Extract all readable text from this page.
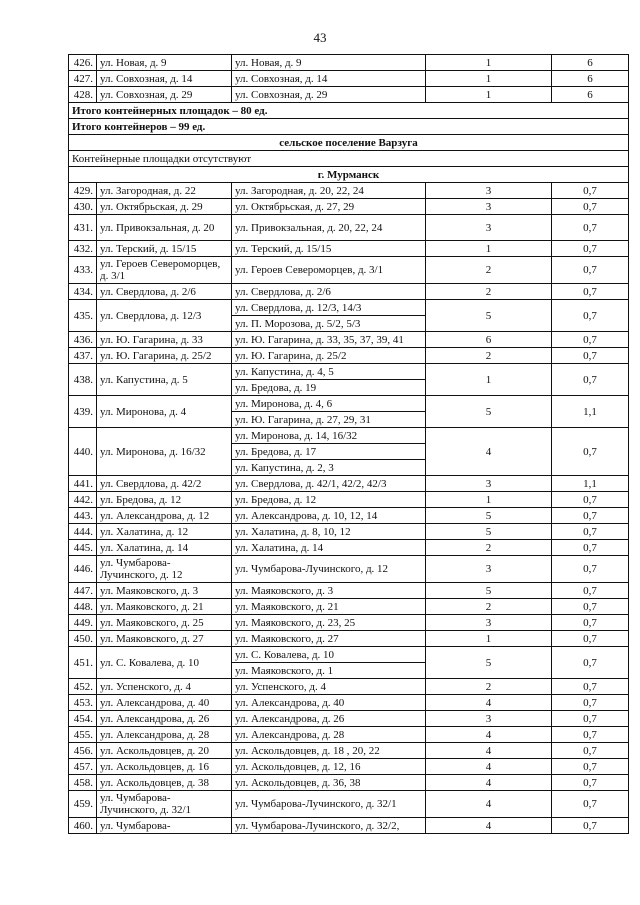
43
426.	ул. Новая, д. 9	ул. Новая, д. 9	1	6
427.	ул. Совхозная, д. 14	ул. Совхозная, д. 14	1	6
428.	ул. Совхозная, д. 29	ул. Совхозная, д. 29	1	6
Итого контейнерных площадок – 80 ед.				
Итого контейнеров – 99 ед.				
сельское поселение Варзуга				
Контейнерные площадки отсутствуют				
г. Мурманск				
429.	ул. Загородная, д. 22	ул. Загородная, д. 20, 22, 24	3	0,7
430.	ул. Октябрьская, д. 29	ул. Октябрьская, д. 27, 29	3	0,7
431.	ул. Привокзальная, д. 20	ул. Привокзальная, д. 20, 22, 24	3	0,7
432.	ул. Терский, д. 15/15	ул. Терский, д. 15/15	1	0,7
433.	ул. Героев Североморцев, д. 3/1	ул. Героев Североморцев, д. 3/1	2	0,7
434.	ул. Свердлова, д. 2/6	ул. Свердлова, д. 2/6	2	0,7
435.	ул. Свердлова, д. 12/3	ул. Свердлова, д. 12/3, 14/3	5	0,7
		ул. П. Морозова, д. 5/2, 5/3		
436.	ул. Ю. Гагарина, д. 33	ул. Ю. Гагарина, д. 33, 35, 37, 39, 41	6	0,7
437.	ул. Ю. Гагарина, д. 25/2	ул. Ю. Гагарина, д. 25/2	2	0,7
438.	ул. Капустина, д. 5	ул. Капустина, д. 4, 5	1	0,7
		ул. Бредова, д. 19		
439.	ул. Миронова, д. 4	ул. Миронова, д. 4, 6	5	1,1
		ул. Ю. Гагарина, д. 27, 29, 31		
440.	ул. Миронова, д. 16/32	ул. Миронова, д. 14, 16/32	4	0,7
		ул. Бредова, д. 17		
		ул. Капустина, д. 2, 3		
441.	ул. Свердлова, д. 42/2	ул. Свердлова, д. 42/1, 42/2, 42/3	3	1,1
442.	ул. Бредова, д. 12	ул. Бредова, д. 12	1	0,7
443.	ул. Александрова, д. 12	ул. Александрова, д. 10, 12, 14	5	0,7
444.	ул. Халатина, д. 12	ул. Халатина, д. 8, 10, 12	5	0,7
445.	ул. Халатина, д. 14	ул. Халатина, д. 14	2	0,7
446.	ул. Чумбарова-Лучинского, д. 12	ул. Чумбарова-Лучинского, д. 12	3	0,7
447.	ул. Маяковского, д. 3	ул. Маяковского, д. 3	5	0,7
448.	ул. Маяковского, д. 21	ул. Маяковского, д. 21	2	0,7
449.	ул. Маяковского, д. 25	ул. Маяковского, д. 23, 25	3	0,7
450.	ул. Маяковского, д. 27	ул. Маяковского, д. 27	1	0,7
451.	ул. С. Ковалева, д. 10	ул. С. Ковалева, д. 10	5	0,7
		ул. Маяковского, д. 1		
452.	ул. Успенского, д. 4	ул. Успенского, д. 4	2	0,7
453.	ул. Александрова, д. 40	ул. Александрова, д. 40	4	0,7
454.	ул. Александрова, д. 26	ул. Александрова, д. 26	3	0,7
455.	ул. Александрова, д. 28	ул. Александрова, д. 28	4	0,7
456.	ул. Аскольдовцев, д. 20	ул. Аскольдовцев, д. 18 , 20, 22	4	0,7
457.	ул. Аскольдовцев, д. 16	ул. Аскольдовцев, д. 12, 16	4	0,7
458.	ул. Аскольдовцев, д. 38	ул. Аскольдовцев, д. 36, 38	4	0,7
459.	ул. Чумбарова-Лучинского, д. 32/1	ул. Чумбарова-Лучинского, д. 32/1	4	0,7
460.	ул. Чумбарова-	ул. Чумбарова-Лучинского, д. 32/2,	4	0,7
